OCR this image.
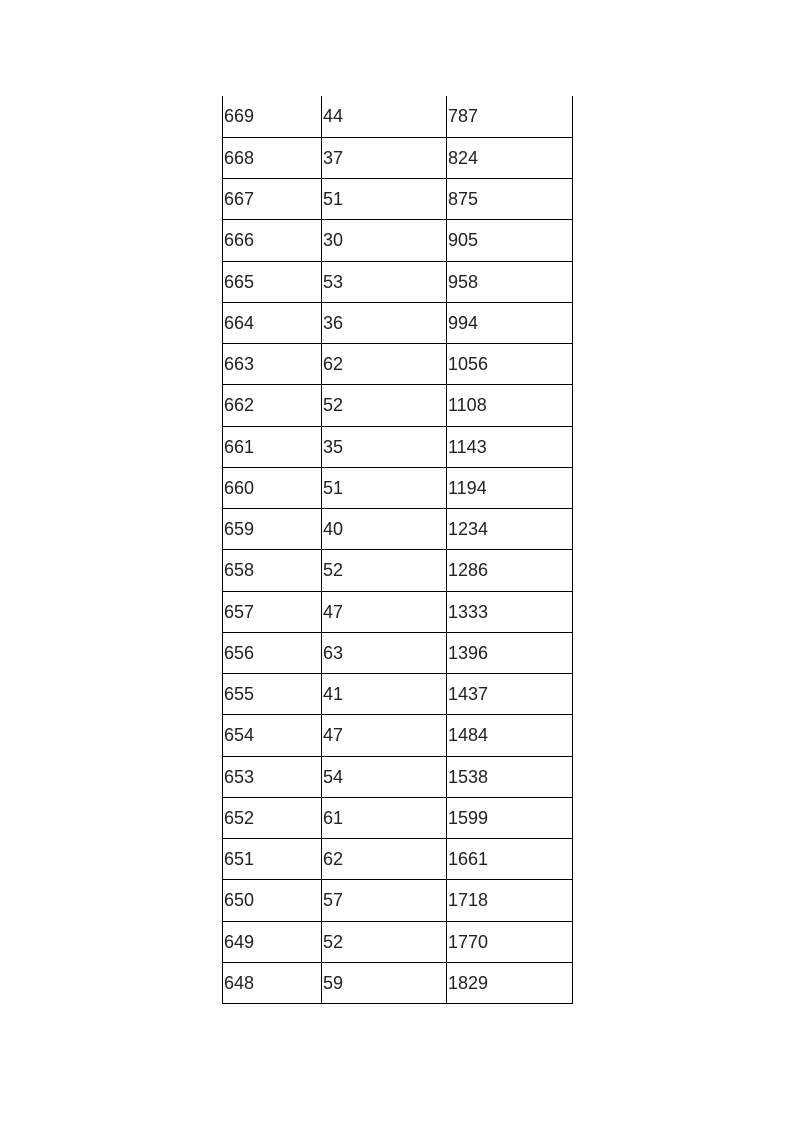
669	44	787
668	37	824
667	51	875
666	30	905
665	53	958
664	36	994
663	62	1056
662	52	1108
661	35	1143
660	51	1194
659	40	1234
658	52	1286
657	47	1333
656	63	1396
655	41	1437
654	47	1484
653	54	1538
652	61	1599
651	62	1661
650	57	1718
649	52	1770
648	59	1829
